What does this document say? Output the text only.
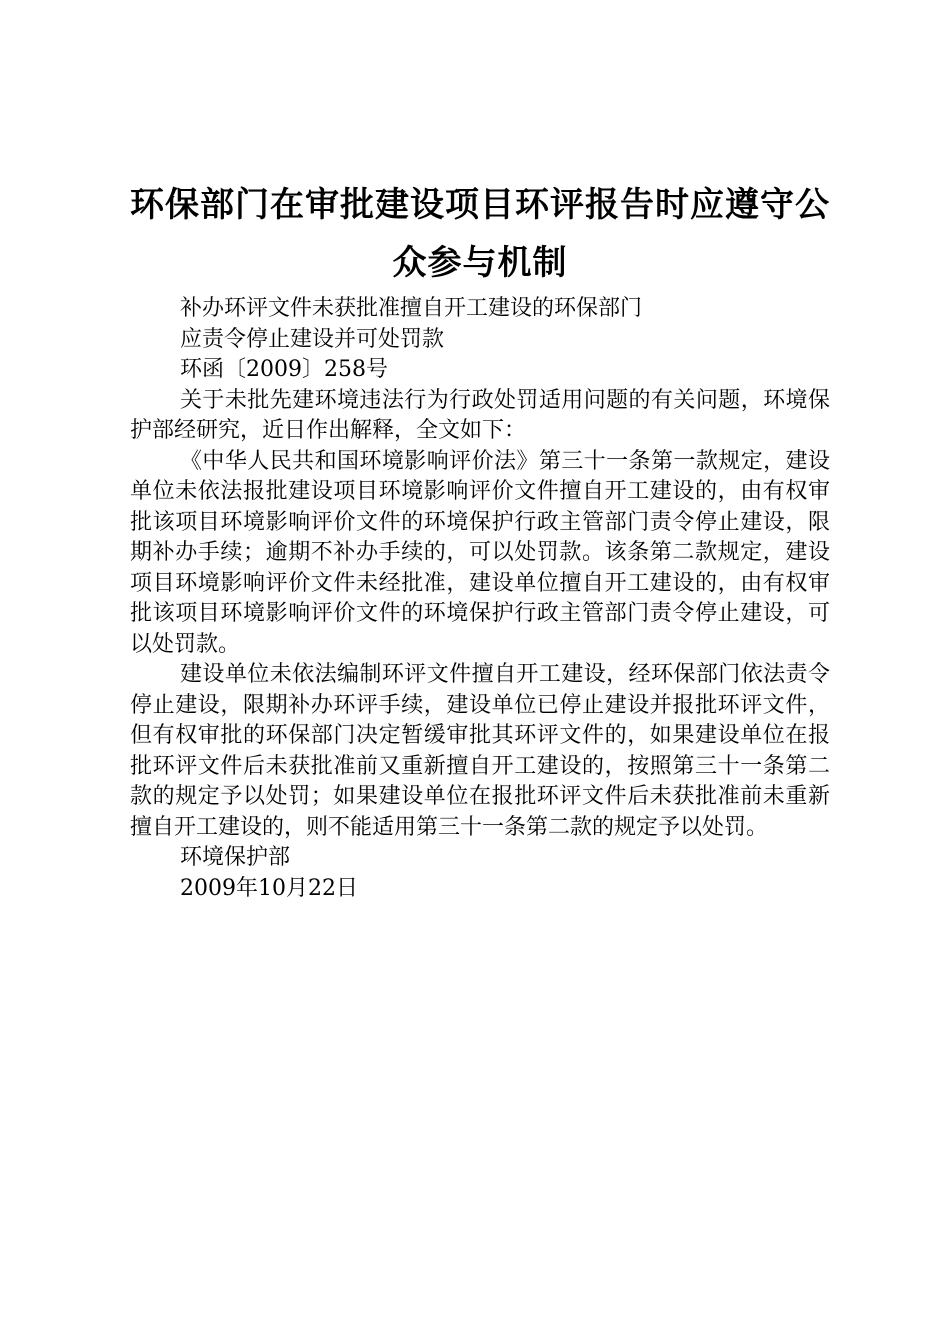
环保部门在审批建设项目环评报告时应遵守公
众参与机制

补办环评文件未获批准擅自开工建设的环保部门

应责令停止建设并可处罚款

环函〔2009〕258号

关于未批先建环境违法行为行政处罚适用问题的有关问题，环境保护部经研究，近日作出解释，全文如下：

《中华人民共和国环境影响评价法》第三十一条第一款规定，建设单位未依法报批建设项目环境影响评价文件擅自开工建设的，由有权审批该项目环境影响评价文件的环境保护行政主管部门责令停止建设，限期补办手续；逾期不补办手续的，可以处罚款。该条第二款规定，建设项目环境影响评价文件未经批准，建设单位擅自开工建设的，由有权审批该项目环境影响评价文件的环境保护行政主管部门责令停止建设，可以处罚款。

建设单位未依法编制环评文件擅自开工建设，经环保部门依法责令停止建设，限期补办环评手续，建设单位已停止建设并报批环评文件，但有权审批的环保部门决定暂缓审批其环评文件的，如果建设单位在报批环评文件后未获批准前又重新擅自开工建设的，按照第三十一条第二款的规定予以处罚；如果建设单位在报批环评文件后未获批准前未重新擅自开工建设的，则不能适用第三十一条第二款的规定予以处罚。

环境保护部

2009年10月22日
